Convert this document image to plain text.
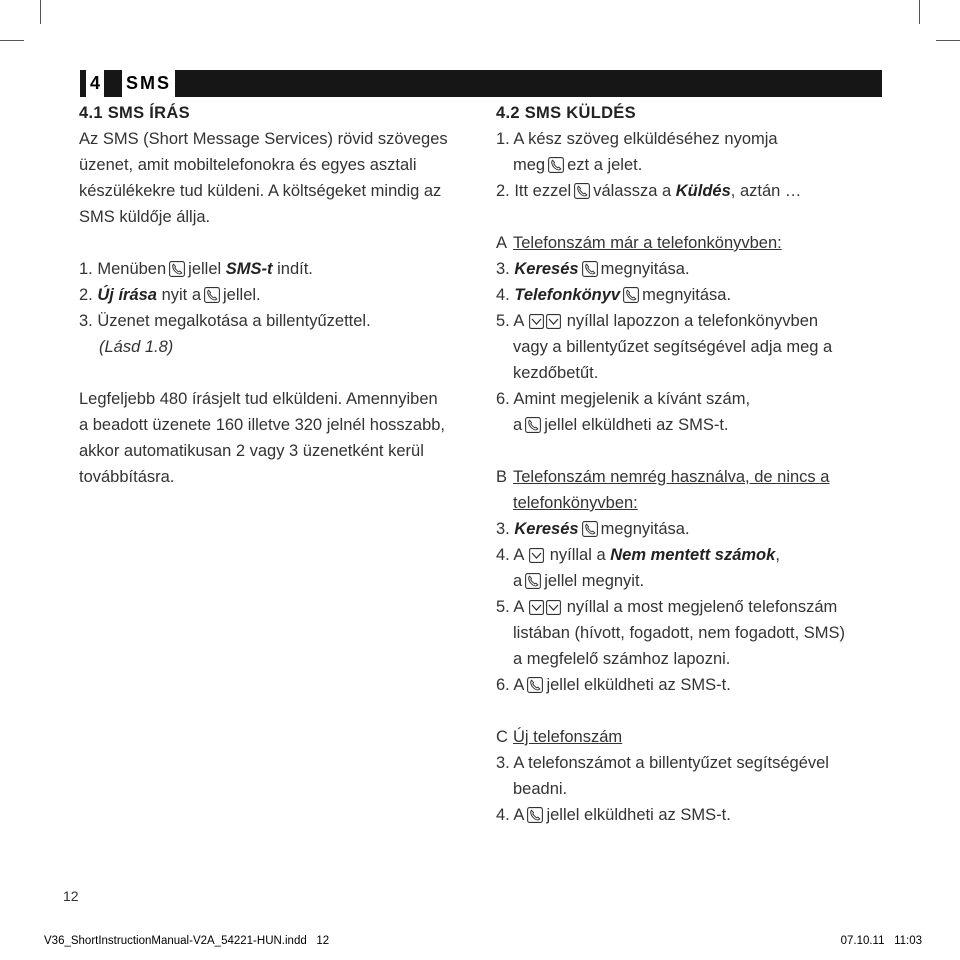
4 SMS
4.1 SMS ÍRÁS
Az SMS (Short Message Services) rövid szöveges
üzenet, amit mobiltelefonokra és egyes asztali
készülékekre tud küldeni. A költségeket mindig az
SMS küldője állja.
1. Menüben jellel SMS-t indít.
2. Új írása nyit a jellel.
3. Üzenet megalkotása a billentyűzettel.
(Lásd 1.8)
Legfeljebb 480 írásjelt tud elküldeni. Amennyiben
a beadott üzenete 160 illetve 320 jelnél hosszabb,
akkor automatikusan 2 vagy 3 üzenetként kerül
továbbításra.
4.2 SMS KÜLDÉS
1. A kész szöveg elküldéséhez nyomja
meg ezt a jelet.
2. Itt ezzel válassza a Küldés, aztán …
A Telefonszám már a telefonkönyvben:
3. Keresés megnyitása.
4. Telefonkönyv megnyitása.
5. A	nyíllal lapozzon a telefonkönyvben
vagy a billentyűzet segítségével adja meg a
kezdőbetűt.
6. Amint megjelenik a kívánt szám,
a jellel elküldheti az SMS-t.
B Telefonszám nemrég használva, de nincs a
telefonkönyvben:
3. Keresés megnyitása.
4. A nyíllal a Nem mentett számok,
a jellel megnyit.
5. A	nyíllal a most megjelenő telefonszám
listában (hívott, fogadott, nem fogadott, SMS)
a megfelelő számhoz lapozni.
6. A jellel elküldheti az SMS-t.
C Új telefonszám
3. A telefonszámot a billentyűzet segítségével
beadni.
4. A jellel elküldheti az SMS-t.
12
V36_ShortInstructionManual-V2A_54221-HUN.indd   12	07.10.11   11:03
